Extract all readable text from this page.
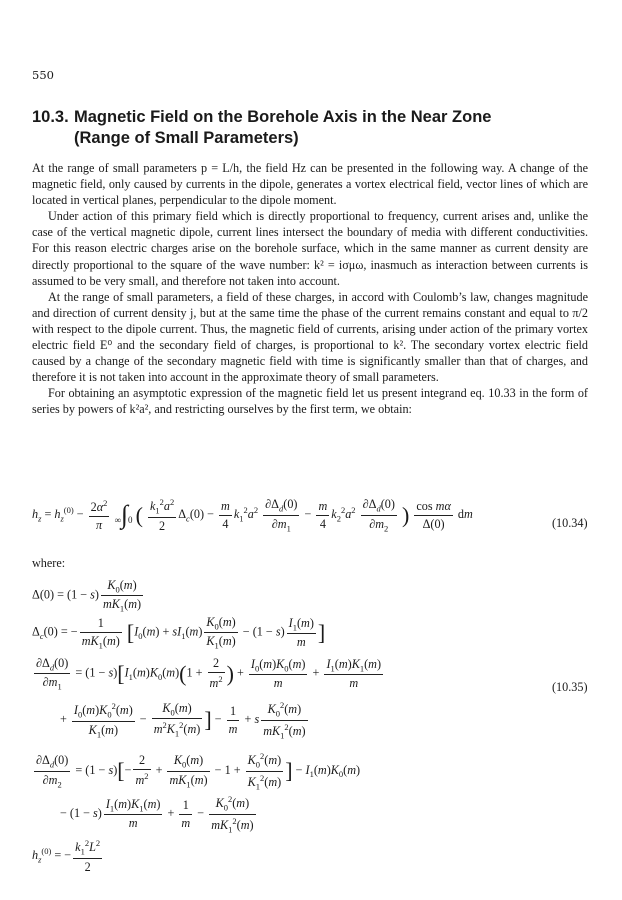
550
10.3. Magnetic Field on the Borehole Axis in the Near Zone
(Range of Small Parameters)

At the range of small parameters p = L/h, the field Hz can be presented in the following way. A change of the magnetic field, only caused by currents in the dipole, generates a vortex electrical field, vector lines of which are located in vertical planes, perpendicular to the dipole moment.

Under action of this primary field which is directly proportional to frequency, current arises and, unlike the case of the vertical magnetic dipole, current lines intersect the boundary of media with different conductivities. For this reason electric charges arise on the borehole surface, which in the same manner as current density are directly proportional to the square of the wave number: k² = iσμω, inasmuch as interaction between currents is assumed to be very small, and therefore not taken into account.

At the range of small parameters, a field of these charges, in accord with Coulomb’s law, changes magnitude and direction of current density j, but at the same time the phase of the current remains constant and equal to π/2 with respect to the dipole current. Thus, the magnetic field of currents, arising under action of the primary vortex electric field E⁰ and the secondary field of charges, is proportional to k². The secondary vortex electric field caused by a change of the secondary magnetic field with time is significantly smaller than that of charges, and therefore it is not taken into account in the approximate theory of small parameters.

For obtaining an asymptotic expression of the magnetic field let us present integrand eq. 10.33 in the form of series by powers of k²a², and restricting ourselves by the first term, we obtain:

$h_z = h_z^{(0)} - \frac{2\alpha^2}{\pi} \infty\int 0$ ( $\frac{k_1^2a^2}{2} \Delta_c(0) - \frac{m}{4} k_1^2a^2 \frac{\partial\Delta_d(0)}{\partial m_1} - \frac{m}{4} k_2^2a^2 \frac{\partial\Delta_d(0)}{\partial m_2}$ ) $\frac{\text{cos mα}}{\Delta(0)}$ dm
(10.34)
where:
$\Delta(0) = (1 - s) \frac{K_0(m)}{mK_1(m)}$
$\Delta_c(0)$ = − $\frac{1}{mK_1(m)} [I_0(m) + sI_1(m) \frac{K_0(m)}{K_1(m)} - (1 - s) \frac{I_1(m)}{m}$ ]
$\frac{\partial\Delta_d(0)}{\partial m_1} = (1 - s)[I_1(m)K_0(m)(1 + \frac{2}{m^2}$ ) + $\frac{I_0(m)K_0(m)}{m} + \frac{I_1(m)K_1(m)}{m}$
+ $\frac{I_0(m)K_0^2(m)}{K_1(m)} - \frac{K_0(m)}{m^2K_1^2(m)}$ ] − $\frac{1}{m} + s \frac{K_0^2(m)}{mK_1^2(m)}$
(10.35)
$\frac{\partial\Delta_d(0)}{\partial m_2} = (1 - s)[- \frac{2}{m^2} + \frac{K_0(m)}{mK_1(m)} - 1 + \frac{K_0^2(m)}{K_1^2(m)}$ ] − $I_1(m)K_0(m)$
− $(1 - s) \frac{I_1(m)K_1(m)}{m} + \frac{1}{m} - \frac{K_0^2(m)}{mK_1^2(m)}$
$h_z^{(0)}$ = − $\frac{k_1^2L^2}{2}$
